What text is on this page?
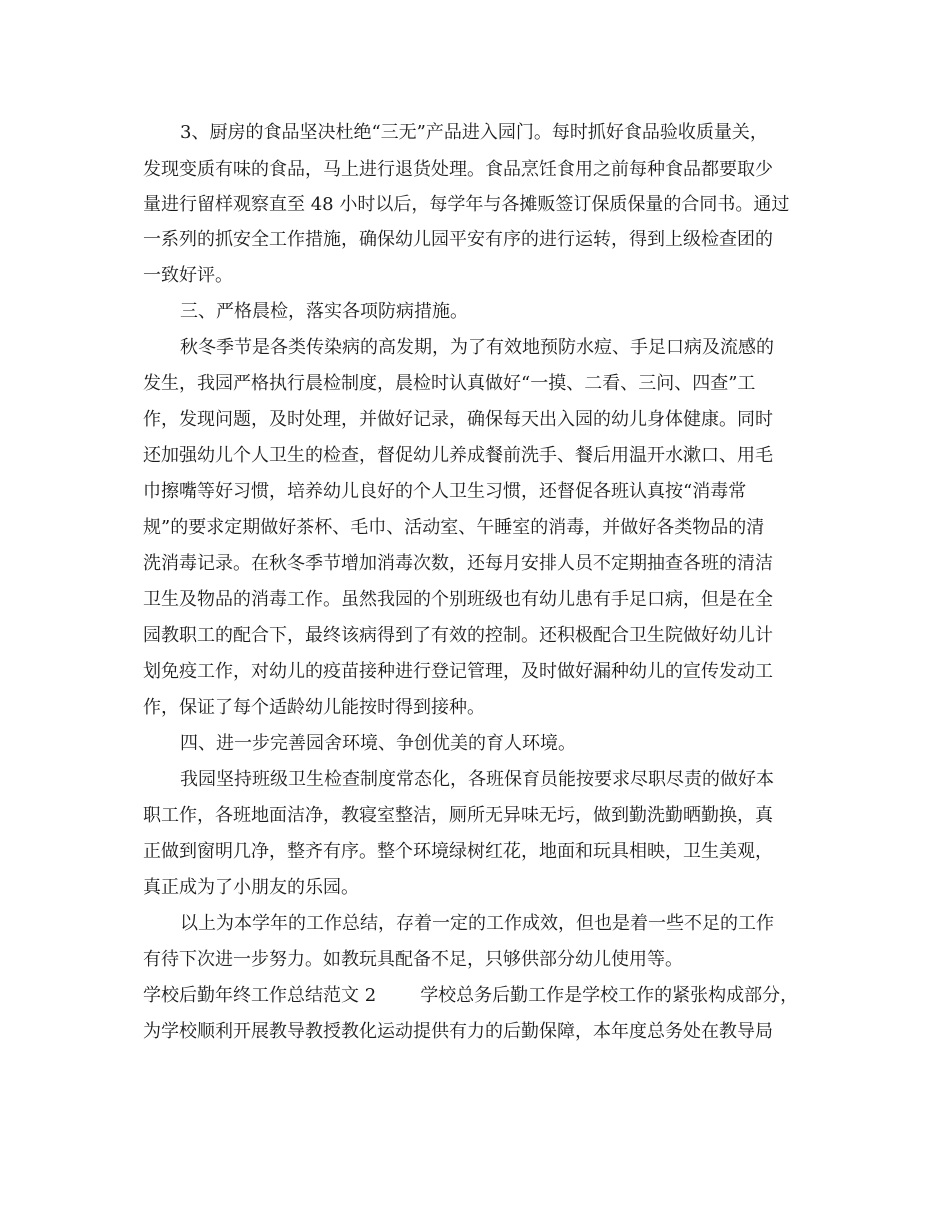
3、厨房的食品坚决杜绝“三无”产品进入园门。每时抓好食品验收质量关，
发现变质有味的食品，马上进行退货处理。食品烹饪食用之前每种食品都要取少
量进行留样观察直至 48 小时以后，每学年与各摊贩签订保质保量的合同书。通过
一系列的抓安全工作措施，确保幼儿园平安有序的进行运转，得到上级检查团的
一致好评。
三、严格晨检，落实各项防病措施。
秋冬季节是各类传染病的高发期，为了有效地预防水痘、手足口病及流感的
发生，我园严格执行晨检制度，晨检时认真做好“一摸、二看、三问、四查”工
作，发现问题，及时处理，并做好记录，确保每天出入园的幼儿身体健康。同时
还加强幼儿个人卫生的检查，督促幼儿养成餐前洗手、餐后用温开水漱口、用毛
巾擦嘴等好习惯，培养幼儿良好的个人卫生习惯，还督促各班认真按“消毒常
规”的要求定期做好茶杯、毛巾、活动室、午睡室的消毒，并做好各类物品的清
洗消毒记录。在秋冬季节增加消毒次数，还每月安排人员不定期抽查各班的清洁
卫生及物品的消毒工作。虽然我园的个别班级也有幼儿患有手足口病，但是在全
园教职工的配合下，最终该病得到了有效的控制。还积极配合卫生院做好幼儿计
划免疫工作，对幼儿的疫苗接种进行登记管理，及时做好漏种幼儿的宣传发动工
作，保证了每个适龄幼儿能按时得到接种。
四、进一步完善园舍环境、争创优美的育人环境。
我园坚持班级卫生检查制度常态化，各班保育员能按要求尽职尽责的做好本
职工作，各班地面洁净，教寝室整洁，厕所无异味无圬，做到勤洗勤晒勤换，真
正做到窗明几净，整齐有序。整个环境绿树红花，地面和玩具相映，卫生美观，
真正成为了小朋友的乐园。
以上为本学年的工作总结，存着一定的工作成效，但也是着一些不足的工作
有待下次进一步努力。如教玩具配备不足，只够供部分幼儿使用等。
学校后勤年终工作总结范文 2 学校总务后勤工作是学校工作的紧张构成部分，
为学校顺利开展教导教授教化运动提供有力的后勤保障，本年度总务处在教导局
